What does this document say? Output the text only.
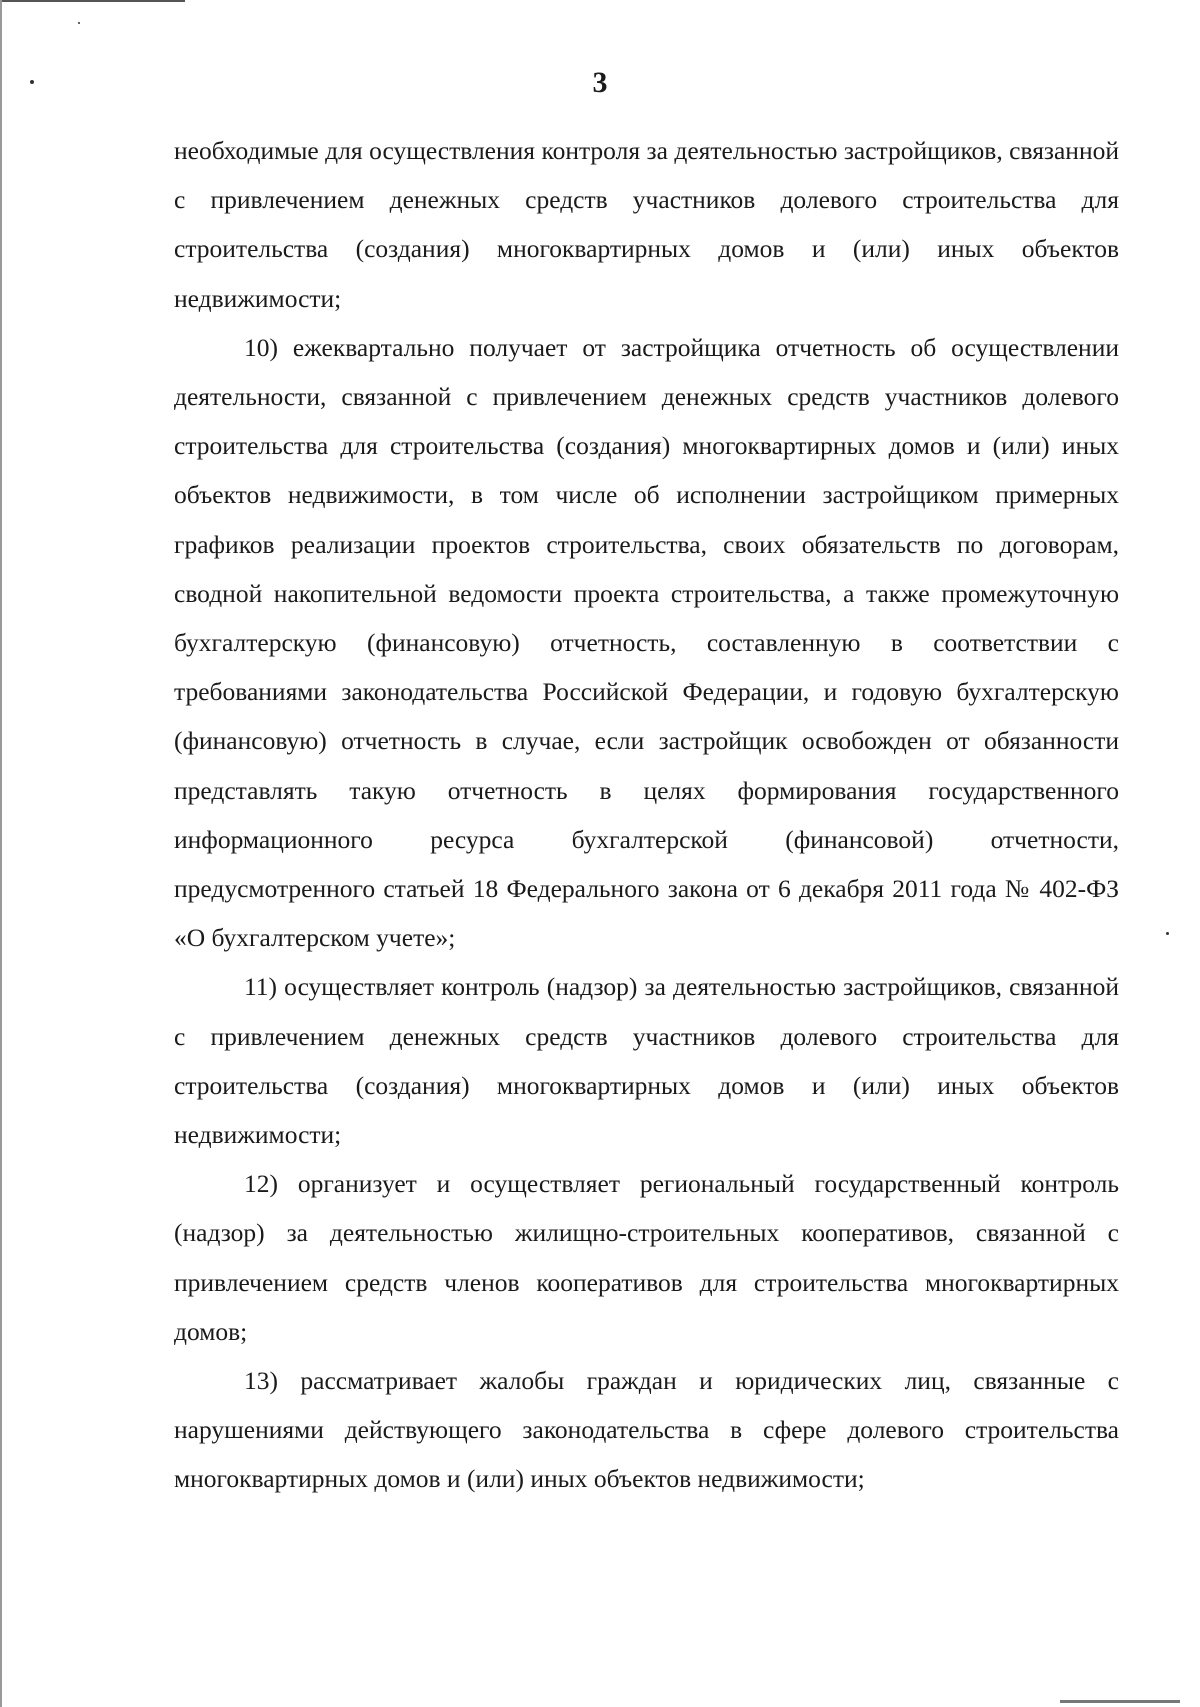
3

необходимые для осуществления контроля за деятельностью застройщиков, связанной с привлечением денежных средств участников долевого строительства для строительства (создания) многоквартирных домов и (или) иных объектов недвижимости;

10) ежеквартально получает от застройщика отчетность об осуществлении деятельности, связанной с привлечением денежных средств участников долевого строительства для строительства (создания) многоквартирных домов и (или) иных объектов недвижимости, в том числе об исполнении застройщиком примерных графиков реализации проектов строительства, своих обязательств по договорам, сводной накопительной ведомости проекта строительства, а также промежуточную бухгалтерскую (финансовую) отчетность, составленную в соответствии с требованиями законодательства Российской Федерации, и годовую бухгалтерскую (финансовую) отчетность в случае, если застройщик освобожден от обязанности представлять такую отчетность в целях формирования государственного информационного ресурса бухгалтерской (финансовой) отчетности, предусмотренного статьей 18 Федерального закона от 6 декабря 2011 года № 402-ФЗ «О бухгалтерском учете»;

11) осуществляет контроль (надзор) за деятельностью застройщиков, связанной с привлечением денежных средств участников долевого строительства для строительства (создания) многоквартирных домов и (или) иных объектов недвижимости;

12) организует и осуществляет региональный государственный контроль (надзор) за деятельностью жилищно-строительных кооперативов, связанной с привлечением средств членов кооперативов для строительства многоквартирных домов;

13) рассматривает жалобы граждан и юридических лиц, связанные с нарушениями действующего законодательства в сфере долевого строительства многоквартирных домов и (или) иных объектов недвижимости;
